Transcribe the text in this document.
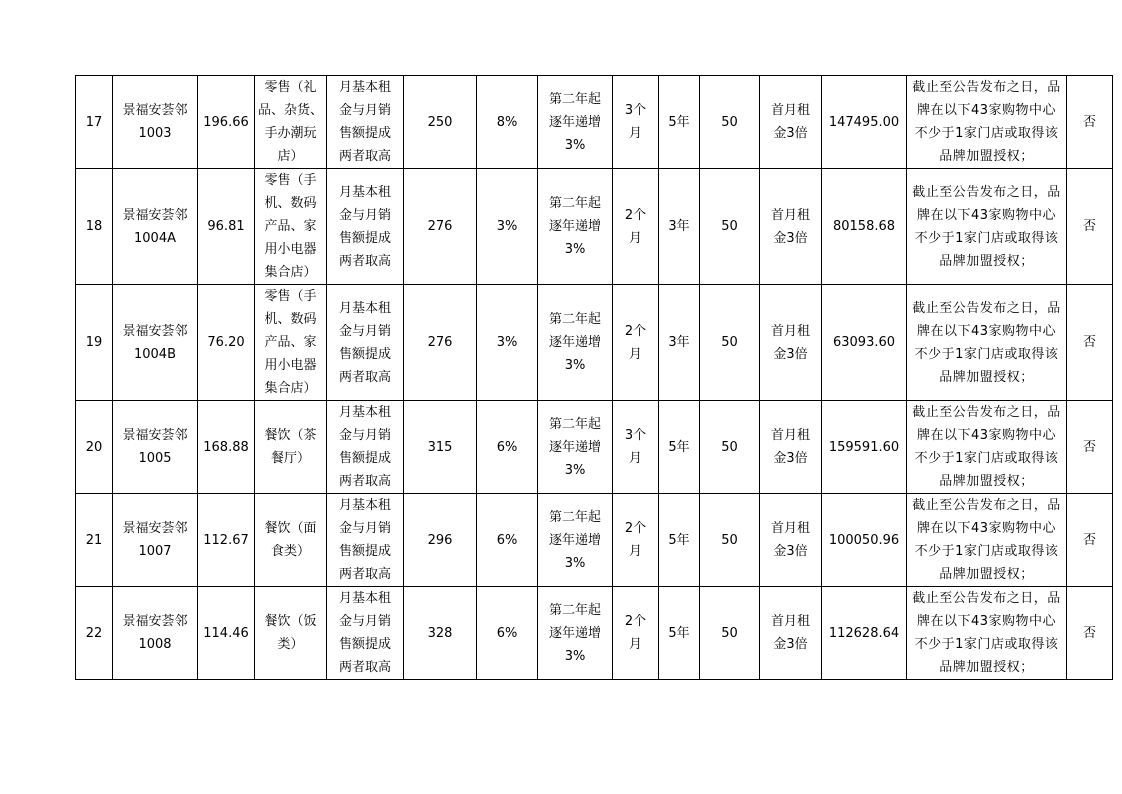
17	景福安荟邻
1003	196.66	零售（礼
品、杂货、
手办潮玩
店）	月基本租
金与月销
售额提成
两者取高	250	8%	第二年起
逐年递增
3%	3个
月	5年	50	首月租
金3倍	147495.00	截止至公告发布之日，品
牌在以下43家购物中心
不少于1家门店或取得该
品牌加盟授权；	否
18	景福安荟邻
1004A	96.81	零售（手
机、数码
产品、家
用小电器
集合店）	月基本租
金与月销
售额提成
两者取高	276	3%	第二年起
逐年递增
3%	2个
月	3年	50	首月租
金3倍	80158.68	截止至公告发布之日，品
牌在以下43家购物中心
不少于1家门店或取得该
品牌加盟授权；	否
19	景福安荟邻
1004B	76.20	零售（手
机、数码
产品、家
用小电器
集合店）	月基本租
金与月销
售额提成
两者取高	276	3%	第二年起
逐年递增
3%	2个
月	3年	50	首月租
金3倍	63093.60	截止至公告发布之日，品
牌在以下43家购物中心
不少于1家门店或取得该
品牌加盟授权；	否
20	景福安荟邻
1005	168.88	餐饮（茶
餐厅）	月基本租
金与月销
售额提成
两者取高	315	6%	第二年起
逐年递增
3%	3个
月	5年	50	首月租
金3倍	159591.60	截止至公告发布之日，品
牌在以下43家购物中心
不少于1家门店或取得该
品牌加盟授权；	否
21	景福安荟邻
1007	112.67	餐饮（面
食类）	月基本租
金与月销
售额提成
两者取高	296	6%	第二年起
逐年递增
3%	2个
月	5年	50	首月租
金3倍	100050.96	截止至公告发布之日，品
牌在以下43家购物中心
不少于1家门店或取得该
品牌加盟授权；	否
22	景福安荟邻
1008	114.46	餐饮（饭
类）	月基本租
金与月销
售额提成
两者取高	328	6%	第二年起
逐年递增
3%	2个
月	5年	50	首月租
金3倍	112628.64	截止至公告发布之日，品
牌在以下43家购物中心
不少于1家门店或取得该
品牌加盟授权；	否
